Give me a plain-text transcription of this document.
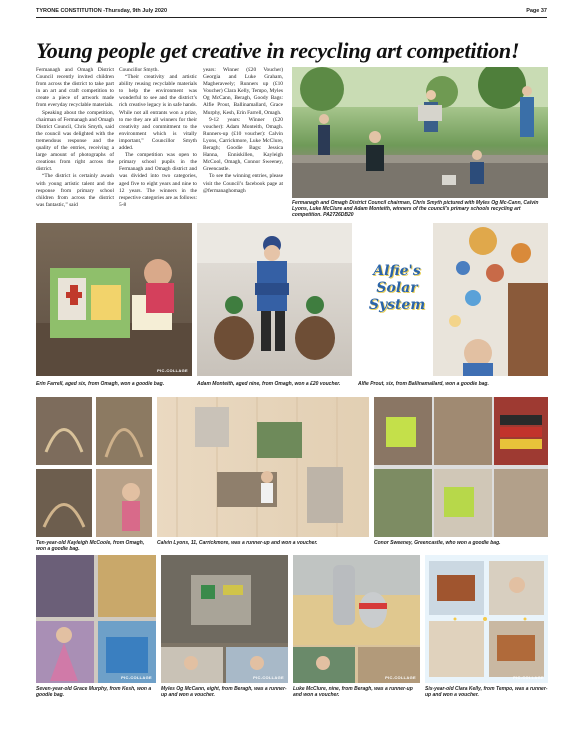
TYRONE CONSTITUTION -Thursday, 9th July 2020	Page 37
Young people get creative in recycling art competition!

Fermanagh and Omagh District Council recently invited children from across the district to take part in an art and craft competition to create a piece of artwork made from everyday recyclable materials.

Speaking about the competition, chairman of Fermanagh and Omagh District Council, Chris Smyth, said the council was delighted with the tremendous response and the quality of the entries, receiving a large amount of photographs of creations from right across the district.

“The district is certainly awash with young artistic talent and the response from primary school children from across the district was fantastic,” said

Councillor Smyth.

“Their creativity and artistic ability reusing recyclable materials to help the environment was wonderful to see and the district’s rich creative legacy is in safe hands. While not all entrants won a prize, to me they are all winners for their creativity and commitment to the environment which is vitally important,” Councillor Smyth added.

The competition was open to primary school pupils in the Fermanagh and Omagh district and was divided into two categories, aged five to eight years and nine to 12 years. The winners in the respective categories are as follows: 5-8

years: Winner (£20 Voucher) Georgia and Luke Graham, Magheraveely; Runners up (£10 Voucher) Clara Kelly, Tempo, Myles Og McCann, Beragh, Goody Bags: Alfie Prout, Ballinamallard, Grace Murphy, Kesh, Erin Farrell, Omagh.

9-12 years: Winner (£20 voucher): Adam Monteith, Omagh. Runners-up (£10 voucher): Calvin Lyons, Carrickmore, Luke McClure, Beragh; Goodie Bags: Jessica Hanna, Enniskillen, Kayleigh McCool, Omagh, Connor Sweeney, Greencastle.

To see the winning entries, please visit the Council’s facebook page at @fermanaghomagh

Fermanagh and Omagh District Council chairman, Chris Smyth pictured with Myles Og Mc-Cann, Calvin Lyons, Luke McClure and Adam Monteith, winners of the council's primary schools recycling art competition. PA2726DB20
PIC-COLLAGE
Erin Farrell, aged six, from Omagh, won a goodie bag.	Adam Monteith, aged nine, from Omagh, won a £20 voucher.
Alfie's Solar System
Alfie Prout, six, from Ballinamallard, won a goodie bag.
Ten-year-old Kayleigh McCoole, from Omagh, won a goodie bag.
Calvin Lyons, 11, Carrickmore, was a runner-up and won a voucher.	Conor Sweeney, Greencastle, who won a goodie bag.
PIC-COLLAGE
Seven-year-old Grace Murphy, from Kesh, won a goodie bag.
PIC-COLLAGE
Myles Og McCann, eight, from Beragh, was a runner-up and won a voucher.
PIC-COLLAGE
Luke McClure, nine, from Beragh, was a runner-up and won a voucher.
PIC-COLLAGE
Six-year-old Clara Kelly, from Tempo, was a runner-up and won a voucher.
